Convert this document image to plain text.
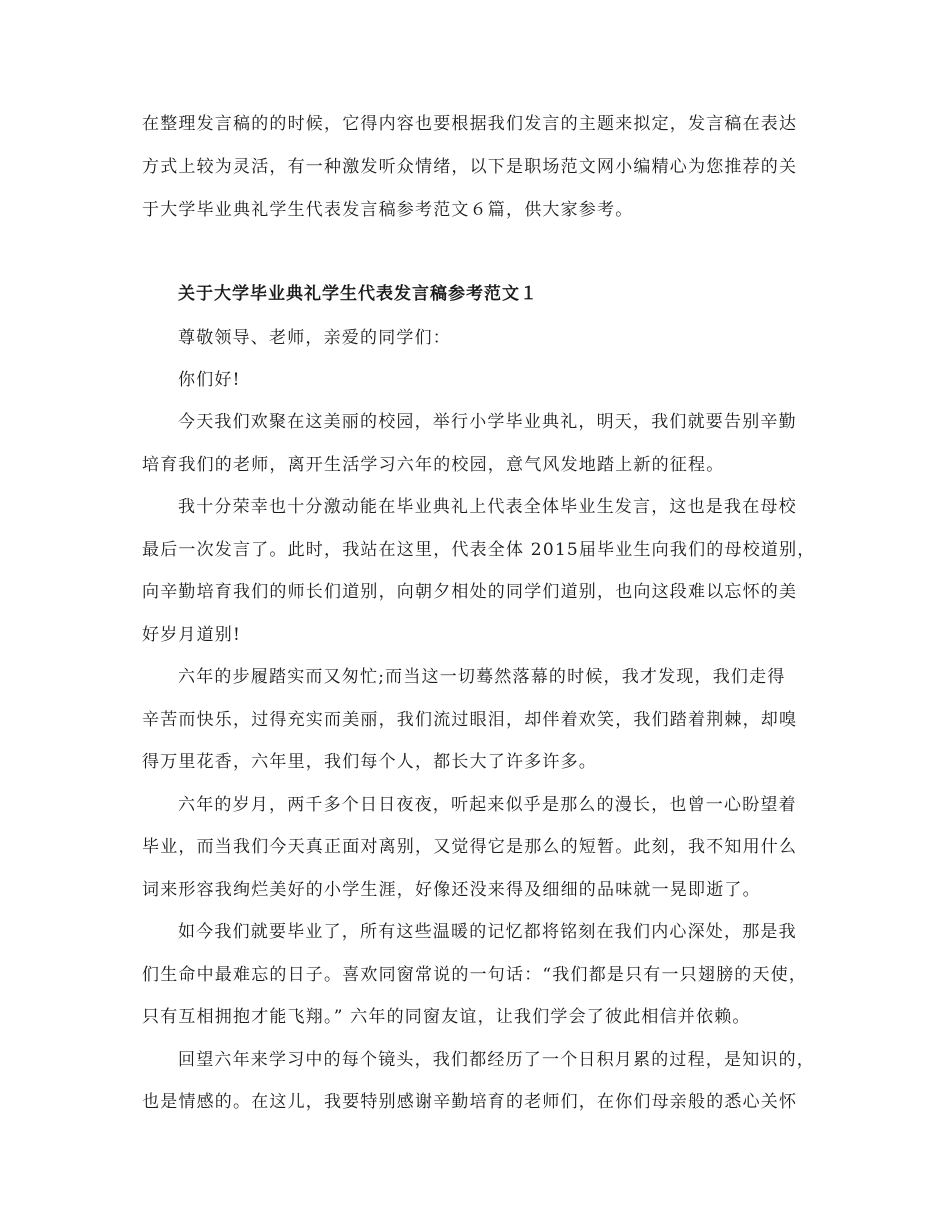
在整理发言稿的的时候，它得内容也要根据我们发言的主题来拟定，发言稿在表达
方式上较为灵活，有一种激发听众情绪，以下是职场范文网小编精心为您推荐的关
于大学毕业典礼学生代表发言稿参考范文６篇，供大家参考。
关于大学毕业典礼学生代表发言稿参考范文１
尊敬领导、老师，亲爱的同学们：
你们好!
今天我们欢聚在这美丽的校园，举行小学毕业典礼，明天，我们就要告别辛勤
培育我们的老师，离开生活学习六年的校园，意气风发地踏上新的征程。
我十分荣幸也十分激动能在毕业典礼上代表全体毕业生发言，这也是我在母校
最后一次发言了。此时，我站在这里，代表全体 2015届毕业生向我们的母校道别，
向辛勤培育我们的师长们道别，向朝夕相处的同学们道别，也向这段难以忘怀的美
好岁月道别!
六年的步履踏实而又匆忙;而当这一切蓦然落幕的时候，我才发现，我们走得
辛苦而快乐，过得充实而美丽，我们流过眼泪，却伴着欢笑，我们踏着荆棘，却嗅
得万里花香，六年里，我们每个人，都长大了许多许多。
六年的岁月，两千多个日日夜夜，听起来似乎是那么的漫长，也曾一心盼望着
毕业，而当我们今天真正面对离别，又觉得它是那么的短暂。此刻，我不知用什么
词来形容我绚烂美好的小学生涯，好像还没来得及细细的品味就一晃即逝了。
如今我们就要毕业了，所有这些温暖的记忆都将铭刻在我们内心深处，那是我
们生命中最难忘的日子。喜欢同窗常说的一句话：“我们都是只有一只翅膀的天使，
只有互相拥抱才能飞翔。” 六年的同窗友谊，让我们学会了彼此相信并依赖。
回望六年来学习中的每个镜头，我们都经历了一个日积月累的过程，是知识的，
也是情感的。在这儿，我要特别感谢辛勤培育的老师们，在你们母亲般的悉心关怀
